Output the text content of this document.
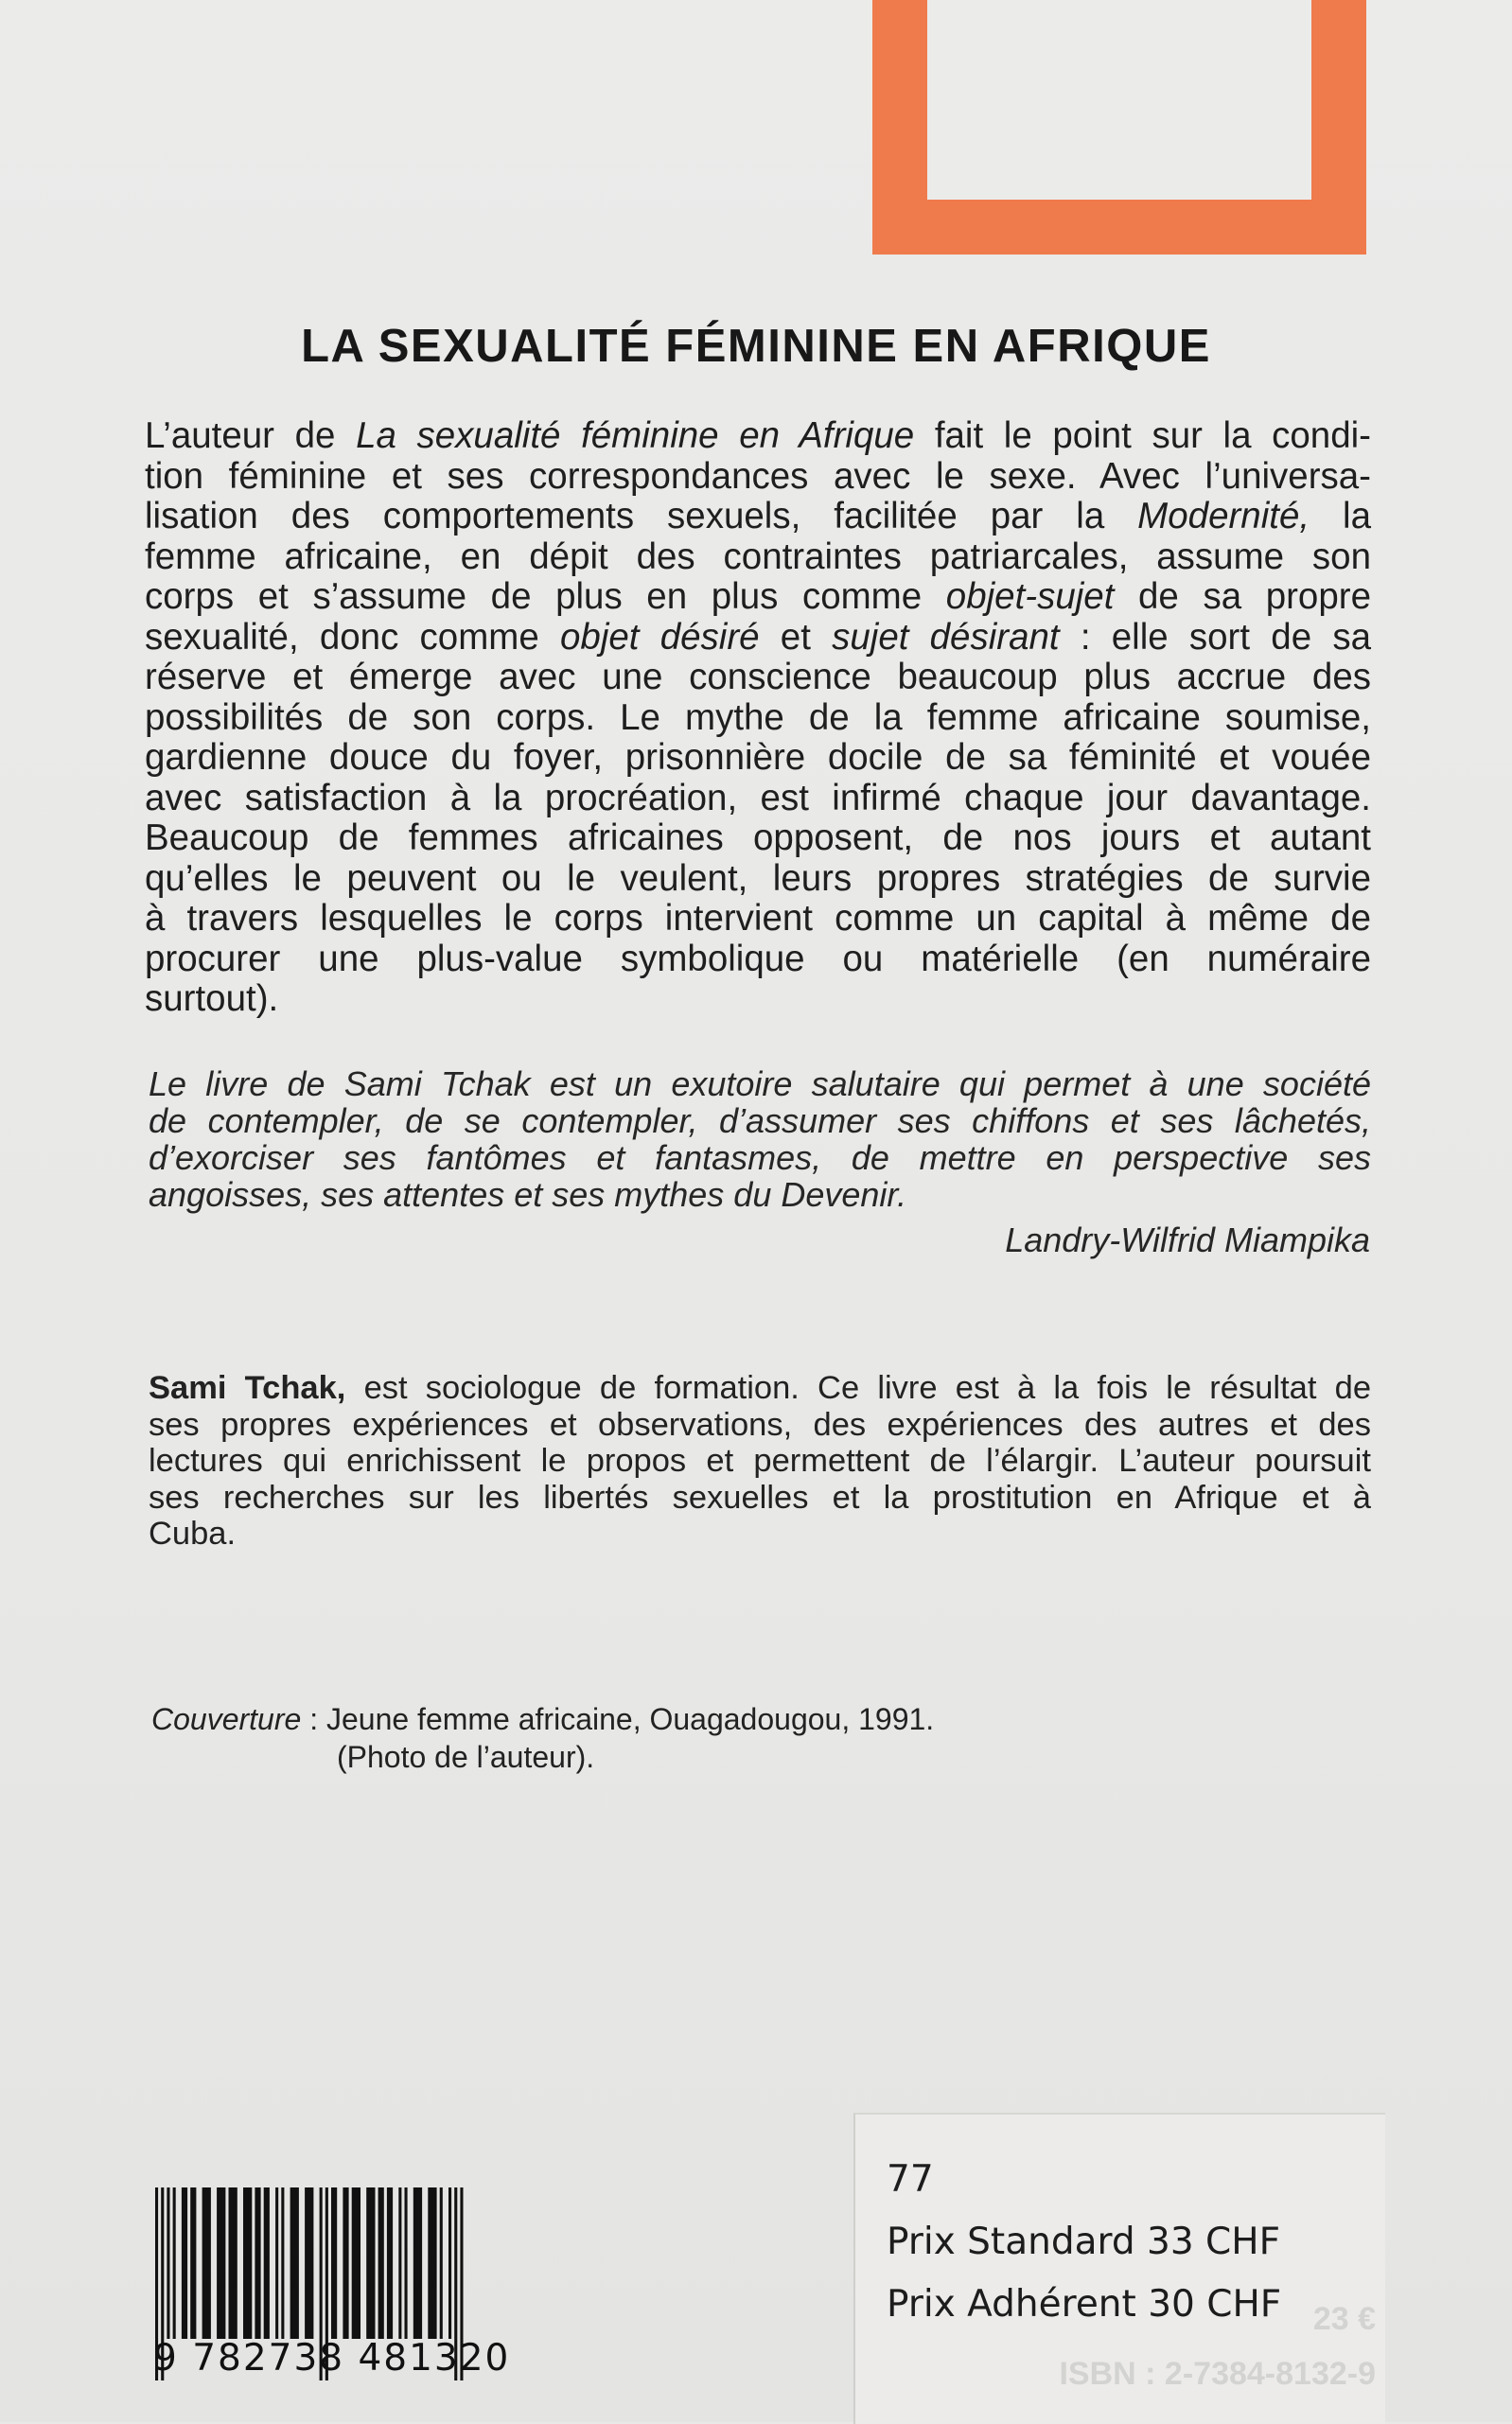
LA SEXUALITÉ FÉMININE EN AFRIQUE
L’auteur de La sexualité féminine en Afrique fait le point sur la condi-
tion féminine et ses correspondances avec le sexe. Avec l’universa-
lisation des comportements sexuels, facilitée par la Modernité, la
femme africaine, en dépit des contraintes patriarcales, assume son
corps et s’assume de plus en plus comme objet-sujet de sa propre
sexualité, donc comme objet désiré et sujet désirant : elle sort de sa
réserve et émerge avec une conscience beaucoup plus accrue des
possibilités de son corps. Le mythe de la femme africaine soumise,
gardienne douce du foyer, prisonnière docile de sa féminité et vouée
avec satisfaction à la procréation, est infirmé chaque jour davantage.
Beaucoup de femmes africaines opposent, de nos jours et autant
qu’elles le peuvent ou le veulent, leurs propres stratégies de survie
à travers lesquelles le corps intervient comme un capital à même de
procurer une plus-value symbolique ou matérielle (en numéraire
surtout).
Le livre de Sami Tchak est un exutoire salutaire qui permet à une société
de contempler, de se contempler, d’assumer ses chiffons et ses lâchetés,
d’exorciser ses fantômes et fantasmes, de mettre en perspective ses
angoisses, ses attentes et ses mythes du Devenir.
Landry-Wilfrid Miampika
Sami Tchak, est sociologue de formation. Ce livre est à la fois le résultat de
ses propres expériences et observations, des expériences des autres et des
lectures qui enrichissent le propos et permettent de l’élargir. L’auteur poursuit
ses recherches sur les libertés sexuelles et la prostitution en Afrique et à
Cuba.
Couverture : Jeune femme africaine, Ouagadougou, 1991.
(Photo de l’auteur).
23 €
ISBN : 2-7384-8132-9
77
Prix Standard 33 CHF
Prix Adhérent 30 CHF
9 782738 481320
